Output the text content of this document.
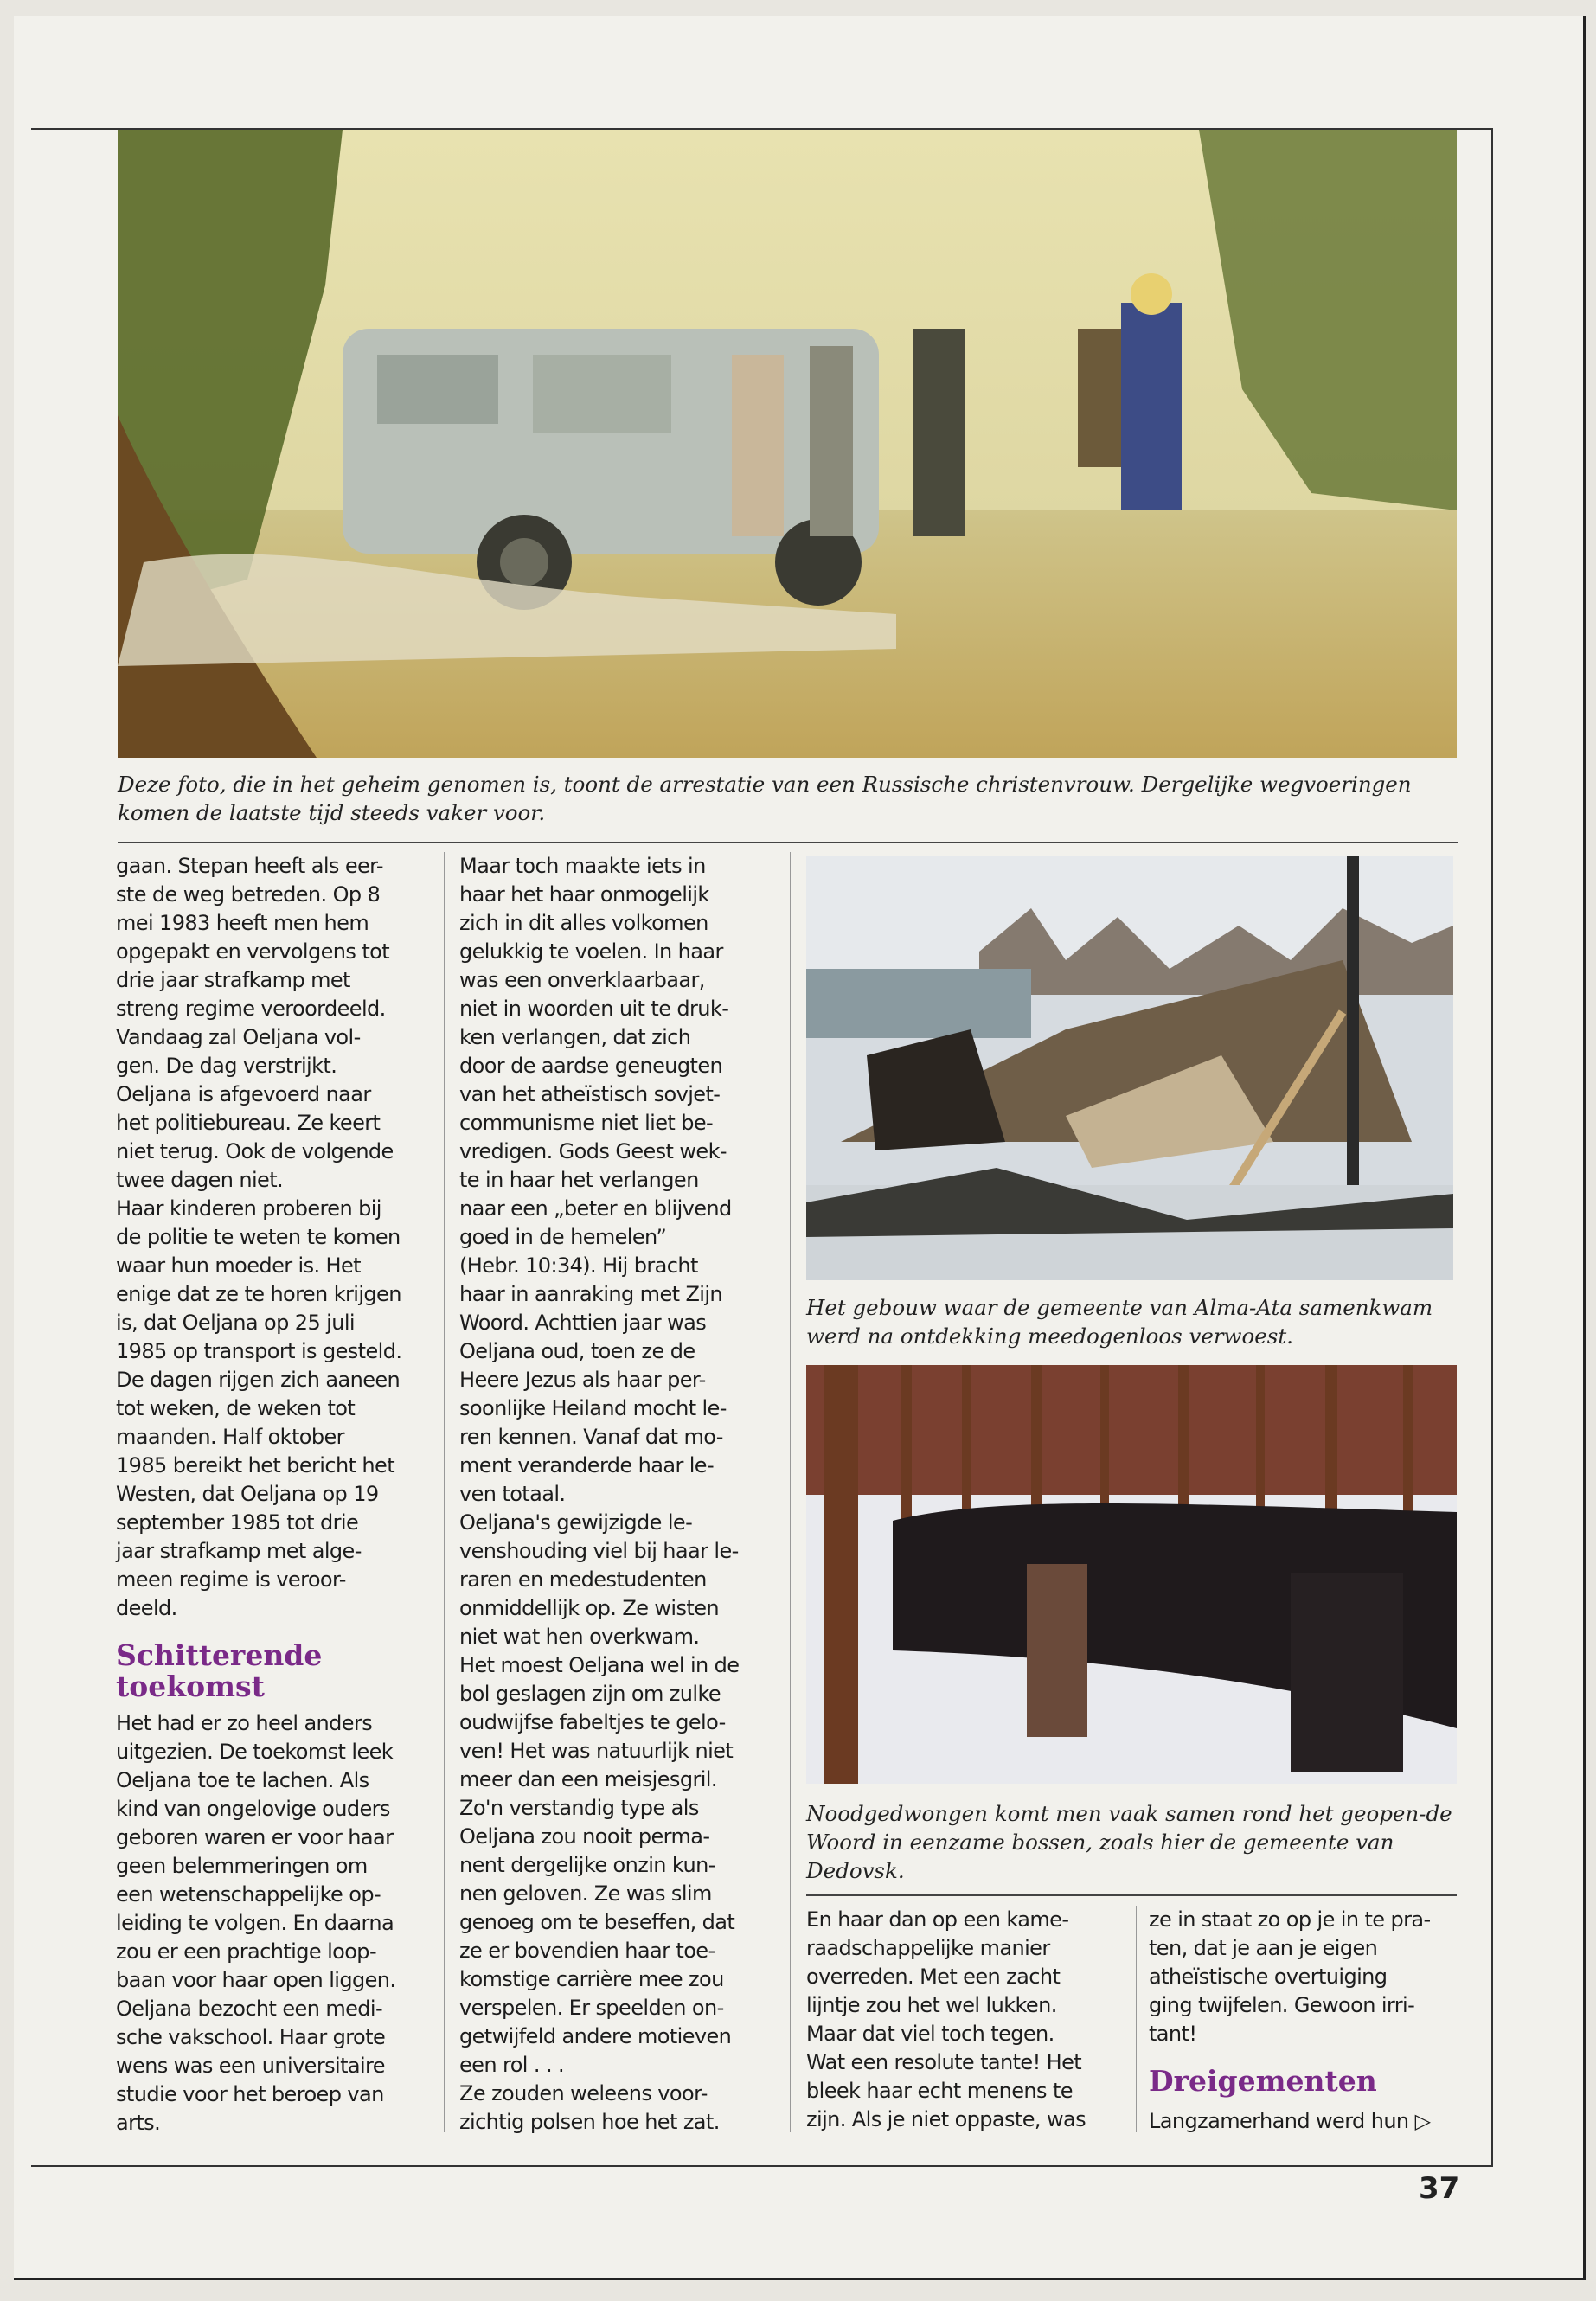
Deze foto, die in het geheim genomen is, toont de arrestatie van een Russische christenvrouw. Dergelijke wegvoeringen komen de laatste tijd steeds vaker voor.
gaan. Stepan heeft als eer-
ste de weg betreden. Op 8
mei 1983 heeft men hem
opgepakt en vervolgens tot
drie jaar strafkamp met
streng regime veroordeeld.
Vandaag zal Oeljana vol-
gen. De dag verstrijkt.
Oeljana is afgevoerd naar
het politiebureau. Ze keert
niet terug. Ook de volgende
twee dagen niet.
Haar kinderen proberen bij
de politie te weten te komen
waar hun moeder is. Het
enige dat ze te horen krijgen
is, dat Oeljana op 25 juli
1985 op transport is gesteld.
De dagen rijgen zich aaneen
tot weken, de weken tot
maanden. Half oktober
1985 bereikt het bericht het
Westen, dat Oeljana op 19
september 1985 tot drie
jaar strafkamp met alge-
meen regime is veroor-
deeld.
Schitterende
toekomst
Het had er zo heel anders
uitgezien. De toekomst leek
Oeljana toe te lachen. Als
kind van ongelovige ouders
geboren waren er voor haar
geen belemmeringen om
een wetenschappelijke op-
leiding te volgen. En daarna
zou er een prachtige loop-
baan voor haar open liggen.
Oeljana bezocht een medi-
sche vakschool. Haar grote
wens was een universitaire
studie voor het beroep van
arts.
Maar toch maakte iets in
haar het haar onmogelijk
zich in dit alles volkomen
gelukkig te voelen. In haar
was een onverklaarbaar,
niet in woorden uit te druk-
ken verlangen, dat zich
door de aardse geneugten
van het atheïstisch sovjet-
communisme niet liet be-
vredigen. Gods Geest wek-
te in haar het verlangen
naar een „beter en blijvend
goed in de hemelen”
(Hebr. 10:34). Hij bracht
haar in aanraking met Zijn
Woord. Achttien jaar was
Oeljana oud, toen ze de
Heere Jezus als haar per-
soonlijke Heiland mocht le-
ren kennen. Vanaf dat mo-
ment veranderde haar le-
ven totaal.
Oeljana's gewijzigde le-
venshouding viel bij haar le-
raren en medestudenten
onmiddellijk op. Ze wisten
niet wat hen overkwam.
Het moest Oeljana wel in de
bol geslagen zijn om zulke
oudwijfse fabeltjes te gelo-
ven! Het was natuurlijk niet
meer dan een meisjesgril.
Zo'n verstandig type als
Oeljana zou nooit perma-
nent dergelijke onzin kun-
nen geloven. Ze was slim
genoeg om te beseffen, dat
ze er bovendien haar toe-
komstige carrière mee zou
verspelen. Er speelden on-
getwijfeld andere motieven
een rol . . .
Ze zouden weleens voor-
zichtig polsen hoe het zat.
Het gebouw waar de gemeente van Alma-Ata samenkwam werd na ontdekking meedogenloos verwoest.
Noodgedwongen komt men vaak samen rond het geopen-de Woord in eenzame bossen, zoals hier de gemeente van Dedovsk.
En haar dan op een kame-
raadschappelijke manier
overreden. Met een zacht
lijntje zou het wel lukken.
Maar dat viel toch tegen.
Wat een resolute tante! Het
bleek haar echt menens te
zijn. Als je niet oppaste, was
ze in staat zo op je in te pra-
ten, dat je aan je eigen
atheïstische overtuiging
ging twijfelen. Gewoon irri-
tant!
Dreigementen
Langzamerhand werd hun ▷
37
